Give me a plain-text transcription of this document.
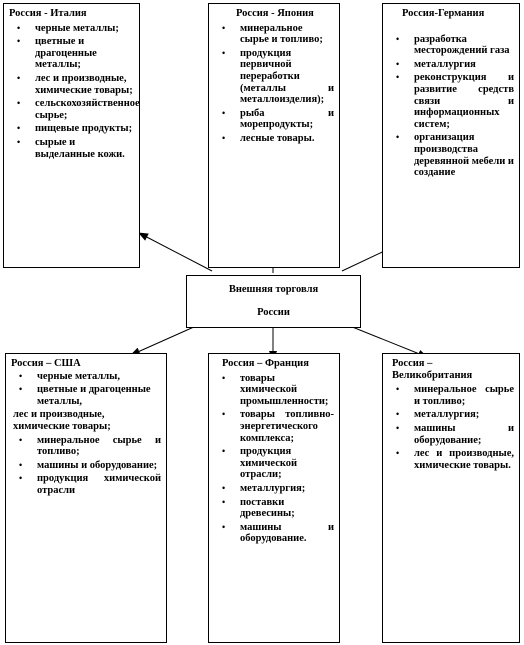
Россия - Италия
• черные металлы;
• цветные и драгоценные металлы;
• лес и производные, химические товары;
• сельскохозяйственное сырье;
• пищевые продукты;
• сырые и выделанные кожи.
Россия - Япония
• минеральное сырье и топливо;
• продукция первичной переработки (металлы и металлоизделия);
• рыба и морепродукты;
• лесные товары.
Россия-Германия
• разработка месторождений газа
• металлургия
• реконструкция и развитие средств связи и информационных систем;
• организация производства деревянной мебели и создание
Внешняя торговля
России
Россия – США
• черные металлы,
• цветные и драгоценные металлы,
лес и производные, химические товары;
• минеральное сырье и топливо;
• машины и оборудование;
• продукция химической отрасли
Россия – Франция
• товары химической промышленности;
• товары топливно-энергетического комплекса;
• продукция химической отрасли;
• металлургия;
• поставки древесины;
• машины и оборудование.
Россия – Великобритания
• минеральное сырье и топливо;
• металлургия;
• машины и оборудование;
• лес и производные, химические товары.
